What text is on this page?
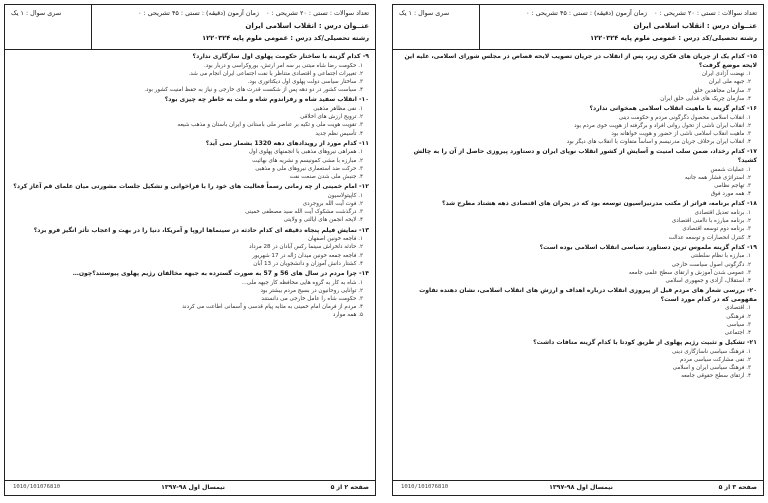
تعداد سوالات : تستی : ۲۰ تشریحی : ۰
زمان آزمون (دقیقه) : تستی : ۴۵ تشریحی : ۰
سری سوال : ۱ یک
عنــوان درس : انقلاب اسلامی ایران
رشته تحصیلی/کد درس : عمومی ملوم پایه ۱۲۲۰۳۲۴
۹- کدام گزینه با ساختار حکومت پهلوی اول سازگاری ندارد؟
۱. حکومت رضا شاه مبتنی بر سه امر ارتش، بوروکراسی و دربار بود.
۲. تغییرات اجتماعی و اقتصادی متناظر با نفت اجتماعی ایران انجام می شد.
۳. ساختار سیاسی دولت پهلوی اول دیکتاتوری بود.
۴. سیاست کشور در دو دهه پس از شکست قدرت های خارجی و نیاز به حفظ امنیت کشور بود.
۱۰- انقلاب سفید شاه و رفراندوم شاه و ملت به خاطر چه چیزی بود؟
۱. نفی مظاهر مذهبی
۲. ترویج ارزش های اخلاقی
۳. تقویت هویت ملی و تکیه بر عناصر ملی باستانی و ایران باستان و مذهب شیعه
۴. تأسیس نظم جدید
۱۱- کدام مورد از رویدادهای دهه 1320 بشمار نمی آید؟
۱. همراهی نیروهای مذهبی با انجمنهای پهلوی اول
۲. مبارزه با مشی کمونیسم و نشریه های بهائیت
۳. حرکت ضد استعماری نیروهای ملی و مذهبی
۴. جنبش ملی شدن صنعت نفت
۱۲- امام خمینی از چه زمانی رسماً فعالیت های خود را با فراخوانی و تشکیل جلسات مشورتی میان علمای قم آغاز کرد؟
۱. کاپیتولاسیون
۲. فوت آیت الله بروجردی
۳. درگذشت مشکوک آیت الله سید مصطفی خمینی
۴. لایحه انجمن های ایالتی و ولایتی
۱۳- نمایش فیلم پنجاه دقیقه ای کدام حادثه در سینماها اروپا و آمریکا، دنیا را در بهت و اعجاب تأثر انگیز فرو برد؟
۱. فاجعه خونین اصفهان
۲. حادثه دلخراش سینما رکس آبادان در 28 مرداد
۳. فاجعه جمعه خونین میدان ژاله در 17 شهریور
۴. کشتار دانش آموزان و دانشجویان در 13 آبان
۱۴- چرا مردم در سال های 56 و 57 به صورت گسترده به جبهه مخالفان رژیم پهلوی پیوستند؟چون…
۱. شاه به کار به گروه هایی محافظه کار جبهه ملی…
۲. توانایی روحانیون در بسیج مردم بیشتر بود
۳. حکومت شاه را عامل خارجی می دانستند
۴. مردم از فرمان امام خمینی به مثابه پیام قدسی و آسمانی اطاعت می کردند
۵. همه موارد
صفحه ۲ از ۵
نیمسال اول ۹۸-۱۳۹۷
1010/101076810
تعداد سوالات : تستی : ۲۰ تشریحی : ۰
زمان آزمون (دقیقه) : تستی : ۴۵ تشریحی : ۰
سری سوال : ۱ یک
عنــوان درس : انقلاب اسلامی ایران
رشته تحصیلی/کد درس : عمومی ملوم پایه ۱۲۲۰۳۲۴
۱۵- کدام یک از جریان های فکری زیر، پس از انقلاب در جریان تصویب لایحه قصاص در مجلس شورای اسلامی، علیه این لایحه موضع گرفت؟
۱. نهضت آزادی ایران
۲. جبهه ملی ایران
۳. سازمان مجاهدین خلق
۴. سازمان چریک های فدایی خلق ایران
۱۶- کدام گزینه با ماهیت انقلاب اسلامی همخوانی ندارد؟
۱. انقلاب اسلامی محصول دگرگونی مردم و حکومت دینی
۲. انقلاب ایران ناشی از تحول روانی افراد و برگرفته از هویت خوی مردم بود
۳. ماهیت انقلاب اسلامی ناشی از حضور و هویت خواهانه بود
۴. انقلاب ایران برخلاف جریان مدرنیسم و اساساً متفاوت با انقلاب های دیگر بود
۱۷- کدام رخداد، ضمن سلب امنیت و آسایش از کشور انقلاب نوپای ایران و دستاورد پیروزی حاصل از آن را به چالش کشید؟
۱. عملیات شمس
۲. استراتژی فشار همه جانبه
۳. تهاجم نظامی
۴. همه مورد فوق
۱۸- کدام برنامه، فراتر از مکتب مدرنیزاسیون توسعه بود که در بحران های اقتصادی دهه هشتاد مطرح شد؟
۱. برنامه تعدیل اقتصادی
۲. برنامه مبارزه با ناامنی اقتصادی
۳. برنامه دوم توسعه اقتصادی
۴. کنترل انحصارات و توسعه عدالت
۱۹- کدام گزینه ملموس ترین دستاورد سیاسی انقلاب اسلامی بوده است؟
۱. مبارزه با نظام سلطنتی
۲. دگرگونی اصول سیاست خارجی
۳. عمومی شدن آموزش و ارتقای سطح علمی جامعه
۴. استقلال، آزادی و جمهوری اسلامی
۲۰- بررسی شعار های مردم قبل از پیروزی انقلاب درباره اهداف و ارزش های انقلاب اسلامی، نشان دهنده تفاوت مفهومی که در کدام مورد است؟
۱. اقتصادی
۲. فرهنگی
۳. سیاسی
۴. اجتماعی
۲۱- تشکیل و تثبیت رژیم پهلوی از طریق کودتا با کدام گزینه منافات داشت؟
۱. فرهنگ سیاسی ناسازگاری دینی
۲. نفی مشارکت سیاسی مردم
۳. فرهنگ سیاسی ایران و اسلامی
۴. ارتقای سطح حقوقی جامعه
صفحه ۳ از ۵
نیمسال اول ۹۸-۱۳۹۷
1010/101076810
